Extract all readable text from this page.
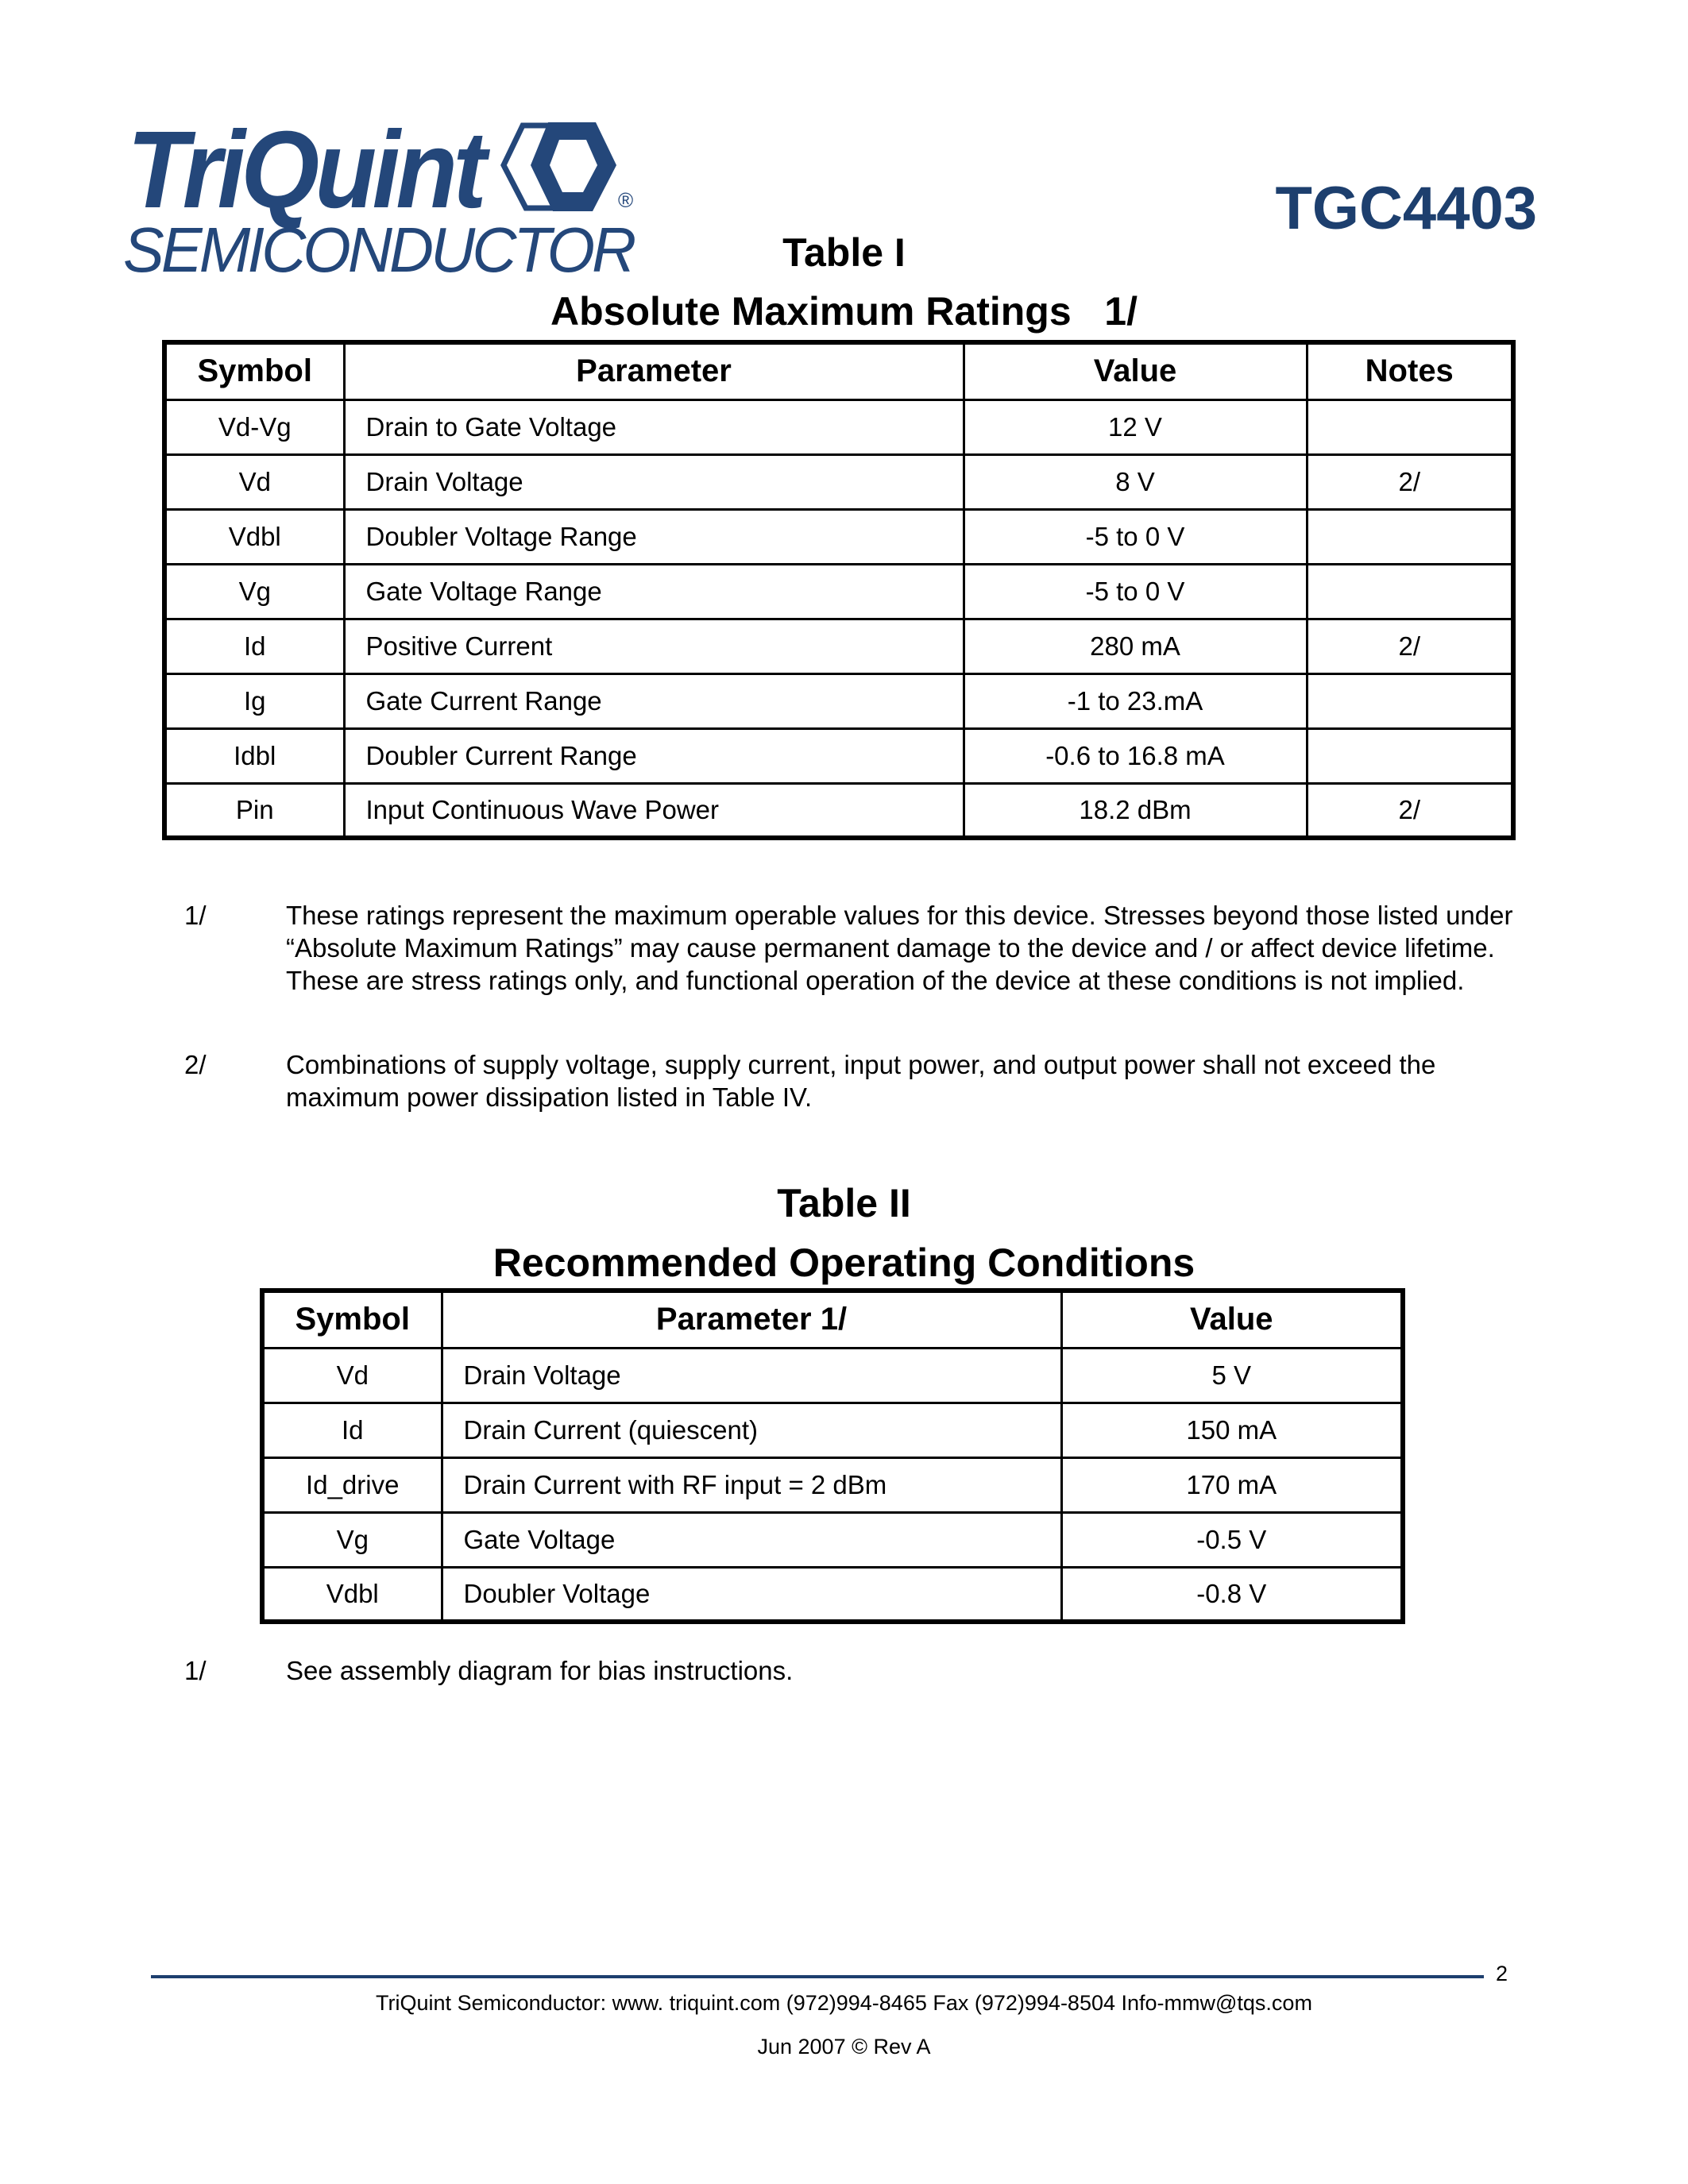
TriQuint
SEMICONDUCTOR
®	TGC4403
Table I
Absolute Maximum Ratings   1/
Symbol	Parameter	Value	Notes
Vd-Vg	Drain to Gate Voltage	12 V	
Vd	Drain Voltage	8 V	2/
Vdbl	Doubler Voltage Range	-5 to 0 V	
Vg	Gate Voltage Range	-5 to 0 V	
Id	Positive Current	280 mA	2/
Ig	Gate Current Range	-1 to 23.mA	
Idbl	Doubler Current Range	-0.6 to 16.8 mA	
Pin	Input Continuous Wave Power	18.2 dBm	2/
1/	These ratings represent the maximum operable values for this device. Stresses beyond those listed under “Absolute Maximum Ratings” may cause permanent damage to the device and / or affect device lifetime. These are stress ratings only, and functional operation of the device at these conditions is not implied.
2/	Combinations of supply voltage, supply current, input power, and output power shall not exceed the maximum power dissipation listed in Table IV.
Table II
Recommended Operating Conditions
Symbol	Parameter 1/	Value
Vd	Drain Voltage	5 V
Id	Drain Current (quiescent)	150 mA
Id_drive	Drain Current with RF input = 2 dBm	170 mA
Vg	Gate Voltage	-0.5 V
Vdbl	Doubler Voltage	-0.8 V
1/	See assembly diagram for bias instructions.
2
TriQuint Semiconductor: www. triquint.com (972)994-8465 Fax (972)994-8504 Info-mmw@tqs.com
Jun 2007 © Rev A
